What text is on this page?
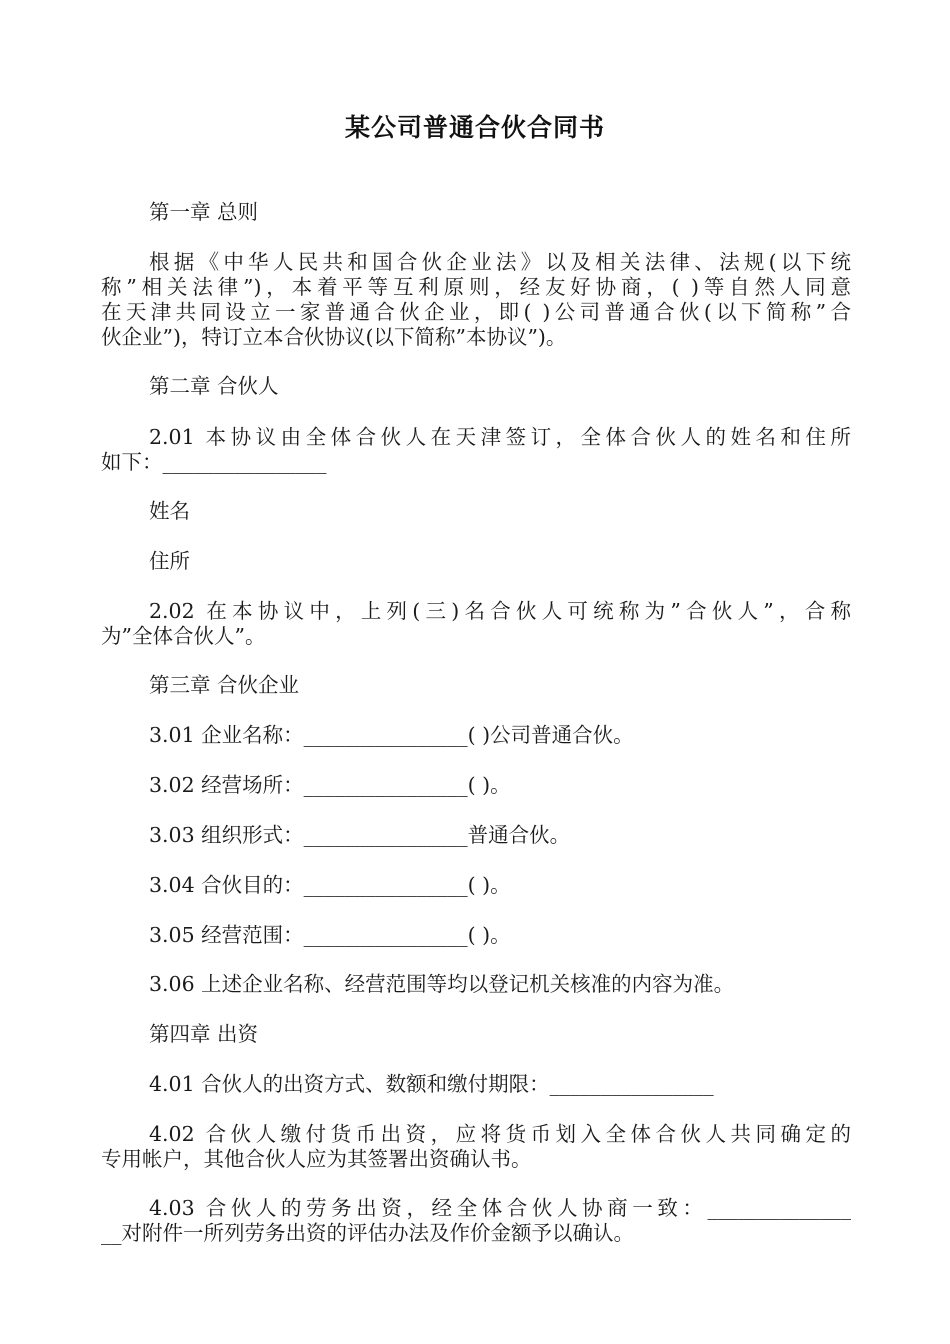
某公司普通合伙合同书
第一章 总则
根据《中华人民共和国合伙企业法》以及相关法律、法规(以下统
称”相关法律”)，本着平等互利原则，经友好协商，( )等自然人同意
在天津共同设立一家普通合伙企业，即( )公司普通合伙(以下简称”合
伙企业”)，特订立本合伙协议(以下简称”本协议”)。
第二章 合伙人
2.01 本协议由全体合伙人在天津签订，全体合伙人的姓名和住所
如下：________________
姓名
住所
2.02 在本协议中，上列(三)名合伙人可统称为”合伙人”，合称
为”全体合伙人”。
第三章 合伙企业
3.01 企业名称：________________( )公司普通合伙。
3.02 经营场所：________________( )。
3.03 组织形式：________________普通合伙。
3.04 合伙目的：________________( )。
3.05 经营范围：________________( )。
3.06 上述企业名称、经营范围等均以登记机关核准的内容为准。
第四章 出资
4.01 合伙人的出资方式、数额和缴付期限：________________
4.02 合伙人缴付货币出资，应将货币划入全体合伙人共同确定的
专用帐户，其他合伙人应为其签署出资确认书。
4.03 合伙人的劳务出资，经全体合伙人协商一致：______________
__对附件一所列劳务出资的评估办法及作价金额予以确认。
